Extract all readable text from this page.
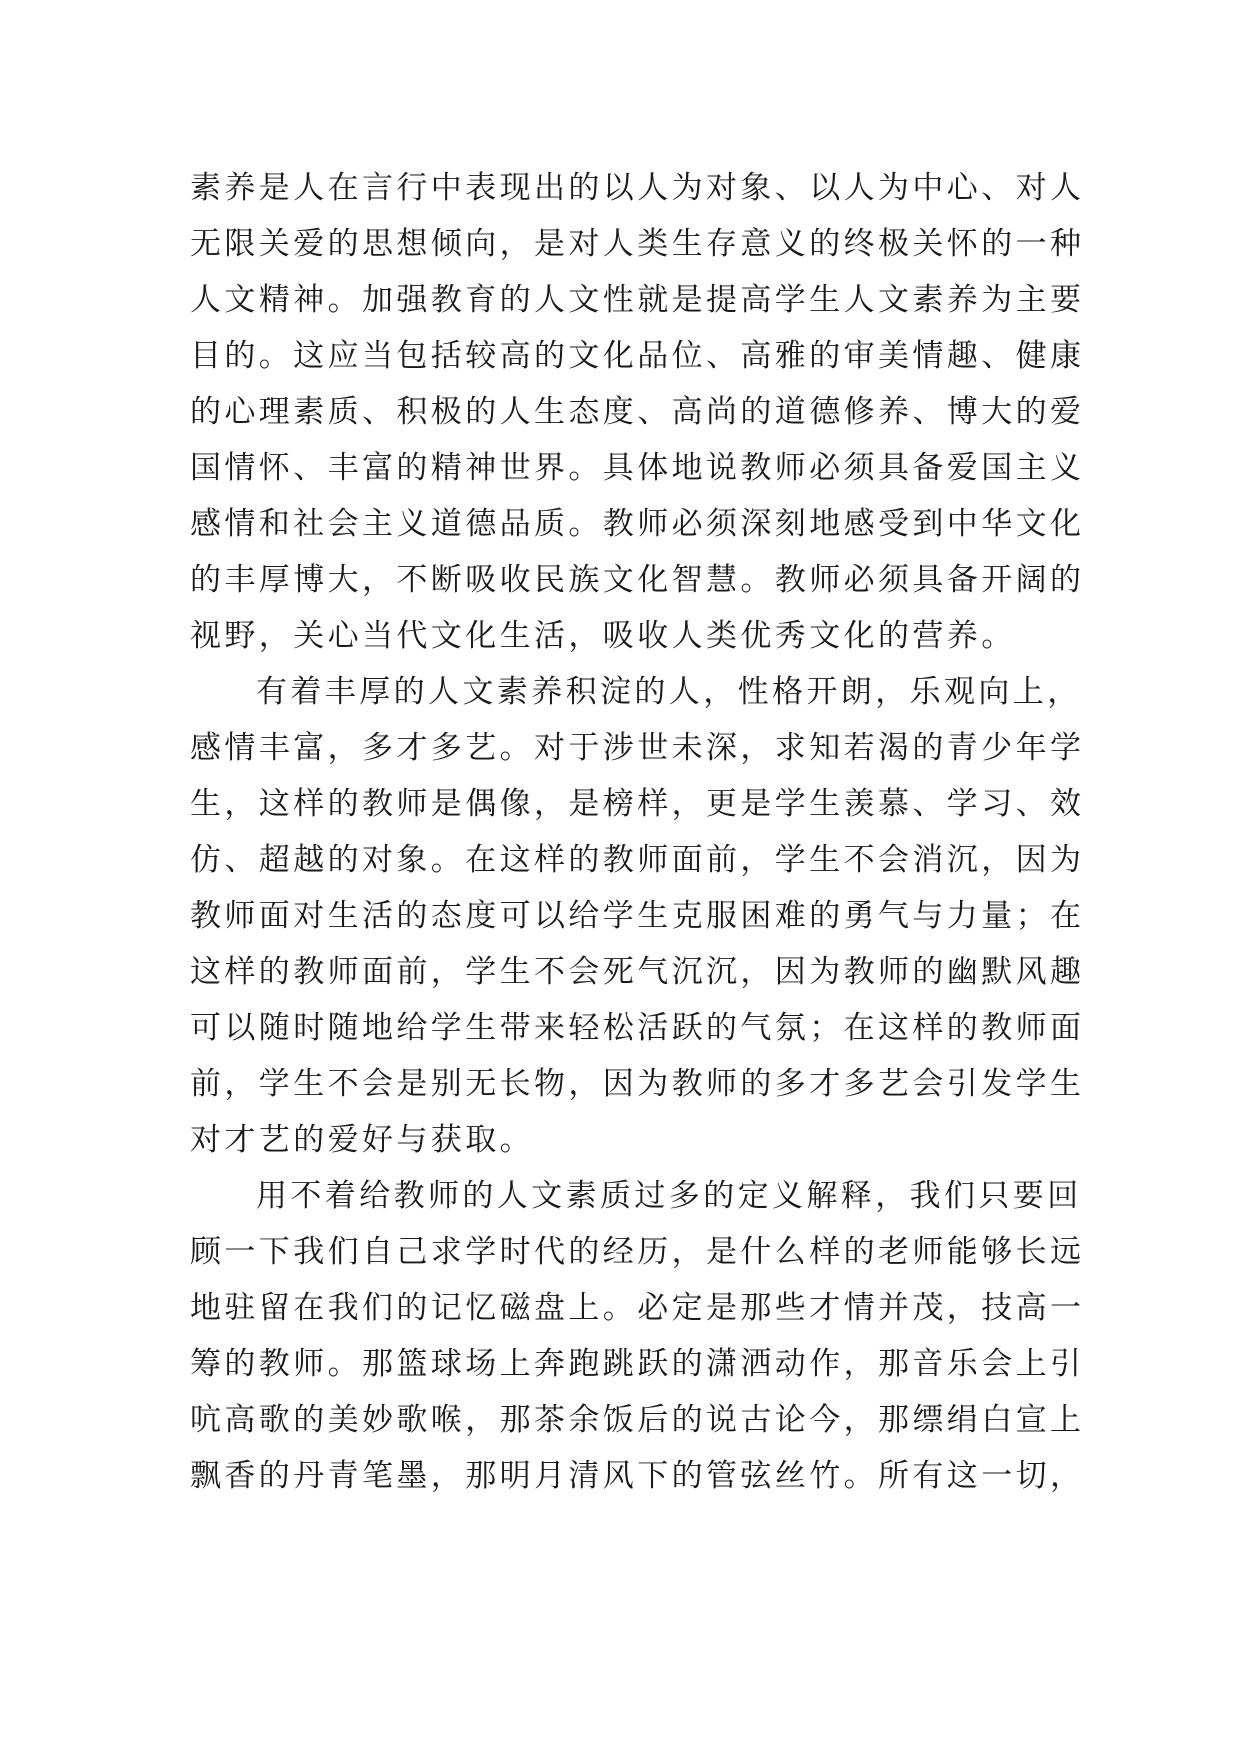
素养是人在言行中表现出的以人为对象、以人为中心、对人
无限关爱的思想倾向，是对人类生存意义的终极关怀的一种
人文精神。加强教育的人文性就是提高学生人文素养为主要
目的。这应当包括较高的文化品位、高雅的审美情趣、健康
的心理素质、积极的人生态度、高尚的道德修养、博大的爱
国情怀、丰富的精神世界。具体地说教师必须具备爱国主义
感情和社会主义道德品质。教师必须深刻地感受到中华文化
的丰厚博大，不断吸收民族文化智慧。教师必须具备开阔的
视野，关心当代文化生活，吸收人类优秀文化的营养。
有着丰厚的人文素养积淀的人，性格开朗，乐观向上，
感情丰富，多才多艺。对于涉世未深，求知若渴的青少年学
生，这样的教师是偶像，是榜样，更是学生羡慕、学习、效
仿、超越的对象。在这样的教师面前，学生不会消沉，因为
教师面对生活的态度可以给学生克服困难的勇气与力量；在
这样的教师面前，学生不会死气沉沉，因为教师的幽默风趣
可以随时随地给学生带来轻松活跃的气氛；在这样的教师面
前，学生不会是别无长物，因为教师的多才多艺会引发学生
对才艺的爱好与获取。
用不着给教师的人文素质过多的定义解释，我们只要回
顾一下我们自己求学时代的经历，是什么样的老师能够长远
地驻留在我们的记忆磁盘上。必定是那些才情并茂，技高一
筹的教师。那篮球场上奔跑跳跃的潇洒动作，那音乐会上引
吭高歌的美妙歌喉，那茶余饭后的说古论今，那缥绢白宣上
飘香的丹青笔墨，那明月清风下的管弦丝竹。所有这一切，
